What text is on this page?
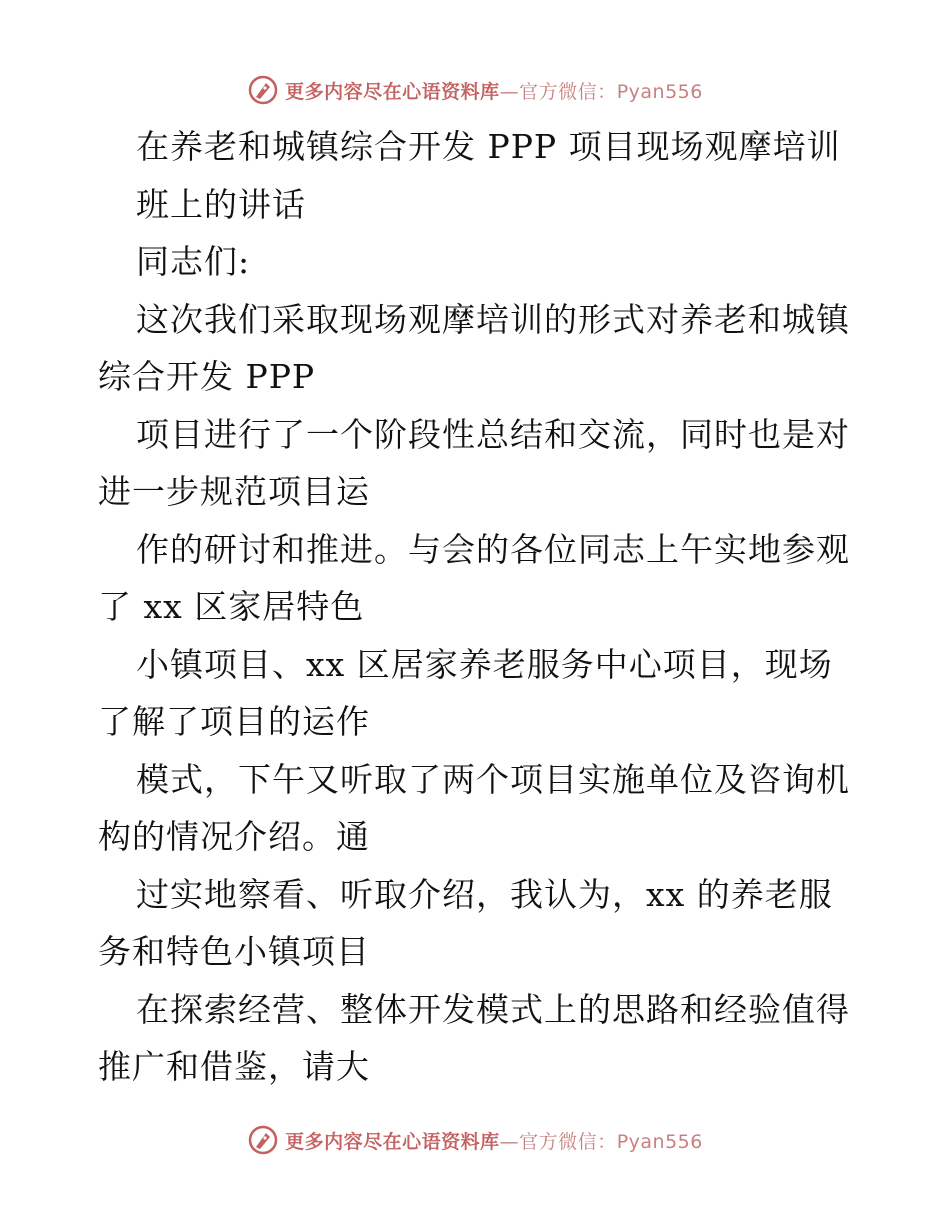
更多内容尽在心语资料库—官方微信：Pyan556
在养老和城镇综合开发 PPP 项目现场观摩培训
班上的讲话
同志们:
这次我们采取现场观摩培训的形式对养老和城镇
综合开发 PPP
项目进行了一个阶段性总结和交流，同时也是对
进一步规范项目运
作的研讨和推进。与会的各位同志上午实地参观
了 xx 区家居特色
小镇项目、xx 区居家养老服务中心项目，现场
了解了项目的运作
模式，下午又听取了两个项目实施单位及咨询机
构的情况介绍。通
过实地察看、听取介绍，我认为，xx 的养老服
务和特色小镇项目
在探索经营、整体开发模式上的思路和经验值得
推广和借鉴，请大
更多内容尽在心语资料库—官方微信：Pyan556
